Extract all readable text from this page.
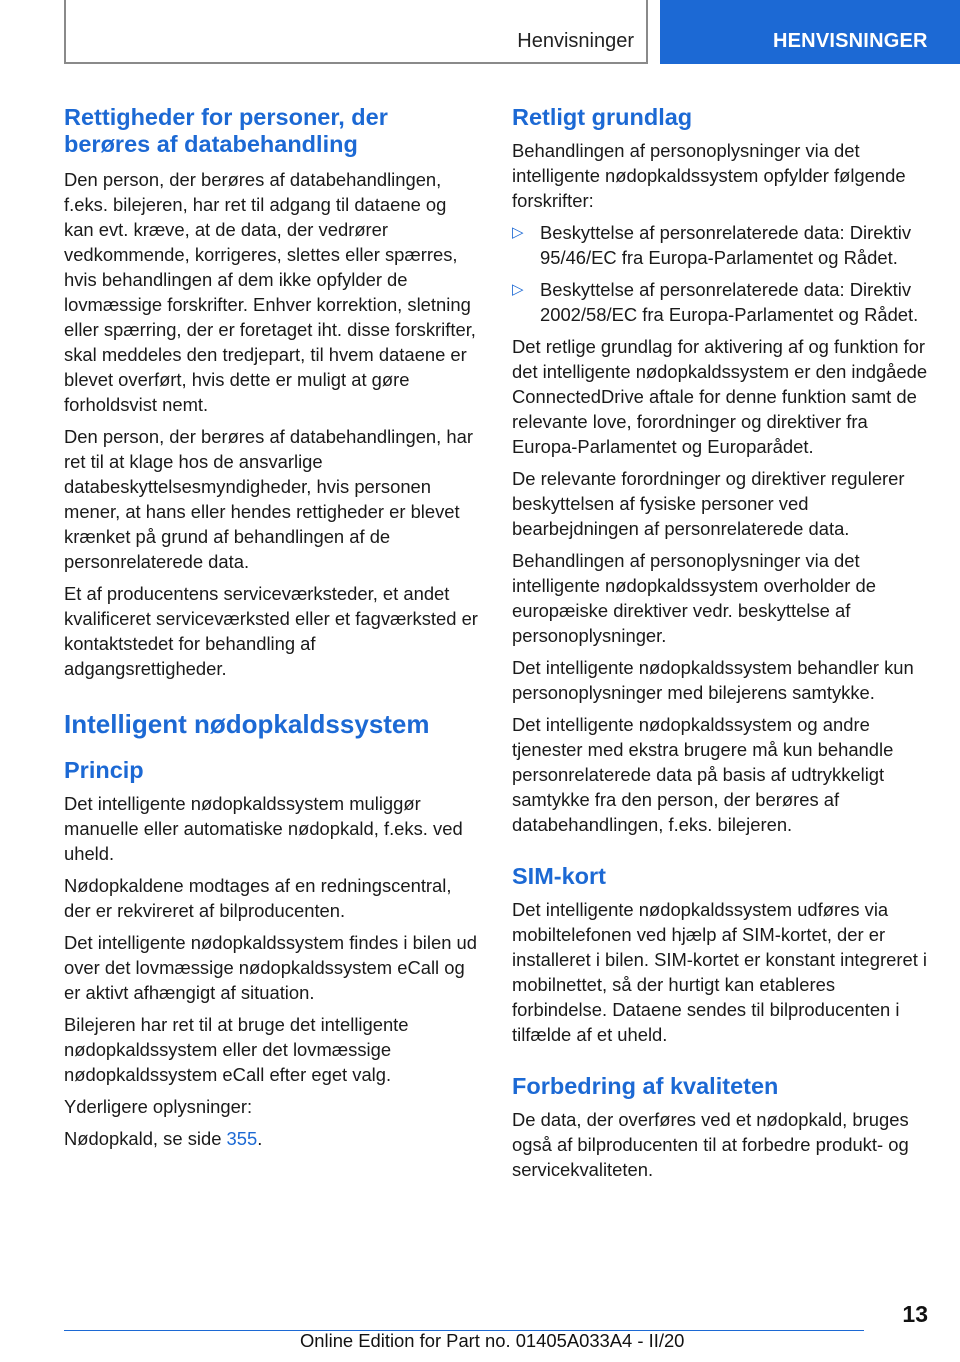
Henvisninger	HENVISNINGER
Rettigheder for personer, der berøres af databehandling

Den person, der berøres af databehandlingen, f.eks. bilejeren, har ret til adgang til dataene og kan evt. kræve, at de data, der vedrører vedkommende, korrigeres, slettes eller spærres, hvis behandlingen af dem ikke opfylder de lovmæssige forskrifter. Enhver korrektion, sletning eller spærring, der er foretaget iht. disse forskrifter, skal meddeles den tredjepart, til hvem dataene er blevet overført, hvis dette er muligt at gøre forholdsvist nemt.

Den person, der berøres af databehandlingen, har ret til at klage hos de ansvarlige databeskyttelsesmyndigheder, hvis personen mener, at hans eller hendes rettigheder er blevet krænket på grund af behandlingen af de personrelaterede data.

Et af producentens serviceværksteder, et andet kvalificeret serviceværksted eller et fagværksted er kontaktstedet for behandling af adgangsrettigheder.

Intelligent nødopkaldssystem
Princip

Det intelligente nødopkaldssystem muliggør manuelle eller automatiske nødopkald, f.eks. ved uheld.

Nødopkaldene modtages af en redningscentral, der er rekvireret af bilproducenten.

Det intelligente nødopkaldssystem findes i bilen ud over det lovmæssige nødopkaldssystem eCall og er aktivt afhængigt af situation.

Bilejeren har ret til at bruge det intelligente nødopkaldssystem eller det lovmæssige nødopkaldssystem eCall efter eget valg.

Yderligere oplysninger:

Nødopkald, se side 355.

Retligt grundlag

Behandlingen af personoplysninger via det intelligente nødopkaldssystem opfylder følgende forskrifter:

▷ Beskyttelse af personrelaterede data: Direktiv 95/46/EC fra Europa-Parlamentet og Rådet.
▷ Beskyttelse af personrelaterede data: Direktiv 2002/58/EC fra Europa-Parlamentet og Rådet.

Det retlige grundlag for aktivering af og funktion for det intelligente nødopkaldssystem er den indgåede ConnectedDrive aftale for denne funktion samt de relevante love, forordninger og direktiver fra Europa-Parlamentet og Europarådet.

De relevante forordninger og direktiver regulerer beskyttelsen af fysiske personer ved bearbejdningen af personrelaterede data.

Behandlingen af personoplysninger via det intelligente nødopkaldssystem overholder de europæiske direktiver vedr. beskyttelse af personoplysninger.

Det intelligente nødopkaldssystem behandler kun personoplysninger med bilejerens samtykke.

Det intelligente nødopkaldssystem og andre tjenester med ekstra brugere må kun behandle personrelaterede data på basis af udtrykkeligt samtykke fra den person, der berøres af databehandlingen, f.eks. bilejeren.

SIM-kort

Det intelligente nødopkaldssystem udføres via mobiltelefonen ved hjælp af SIM-kortet, der er installeret i bilen. SIM-kortet er konstant integreret i mobilnettet, så der hurtigt kan etableres forbindelse. Dataene sendes til bilproducenten i tilfælde af et uheld.

Forbedring af kvaliteten

De data, der overføres ved et nødopkald, bruges også af bilproducenten til at forbedre produkt- og servicekvaliteten.

13
Online Edition for Part no. 01405A033A4 - II/20
